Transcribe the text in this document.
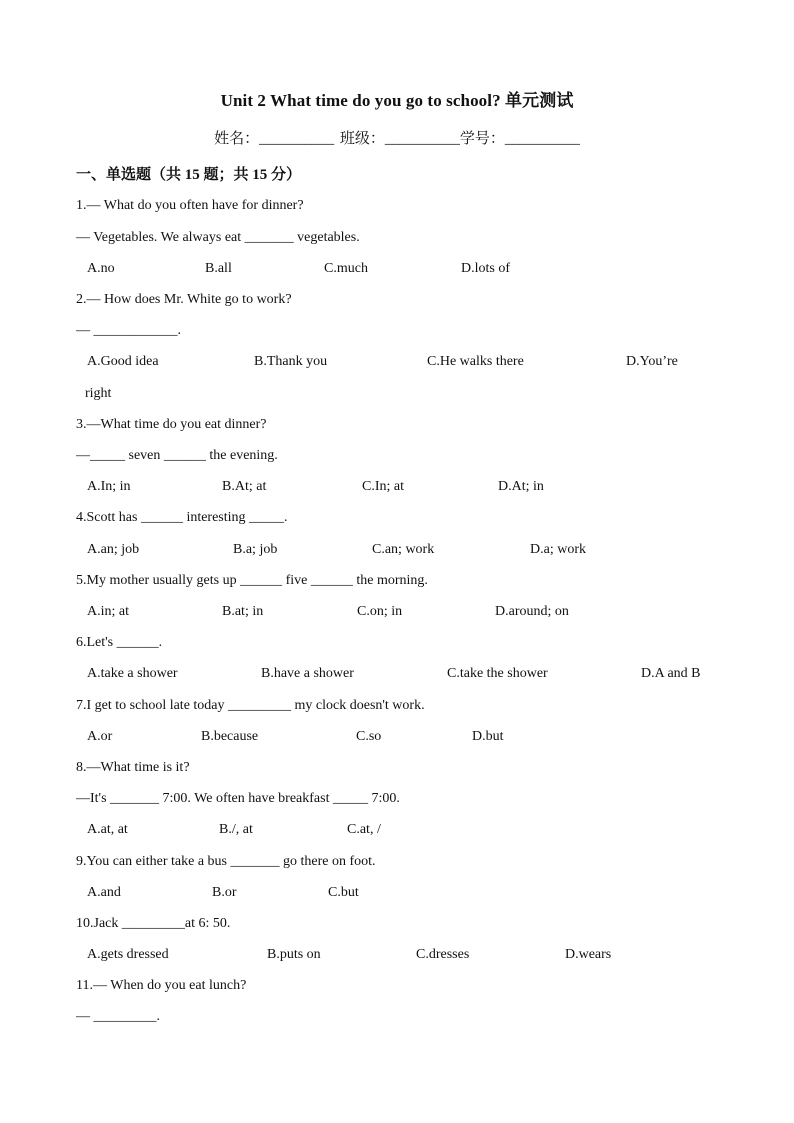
Unit 2 What time do you go to school? 单元测试
姓名：__________ 班级：__________学号：__________
一、单选题（共 15 题；共 15 分）
1.— What do you often have for dinner?
— Vegetables. We always eat _______ vegetables.
A.no	B.all	C.much	D.lots of
2.— How does Mr. White go to work?
— ____________.
A.Good idea	B.Thank you	C.He walks there	D.You’re
right
3.—What time do you eat dinner?
—_____ seven ______ the evening.
A.In; in	B.At; at	C.In; at	D.At; in
4.Scott has ______ interesting _____.
A.an; job	B.a; job	C.an; work	D.a; work
5.My mother usually gets up ______ five ______ the morning.
A.in; at	B.at; in	C.on; in	D.around; on
6.Let's ______.
A.take a shower	B.have a shower	C.take the shower	D.A and B
7.I get to school late today _________ my clock doesn't work.
A.or	B.because	C.so	D.but
8.—What time is it?
—It's _______ 7:00. We often have breakfast _____ 7:00.
A.at, at	B./, at	C.at, /
9.You can either take a bus _______ go there on foot.
A.and	B.or	C.but
10.Jack _________at 6: 50.
A.gets dressed	B.puts on	C.dresses	D.wears
11.— When do you eat lunch?
— _________.
